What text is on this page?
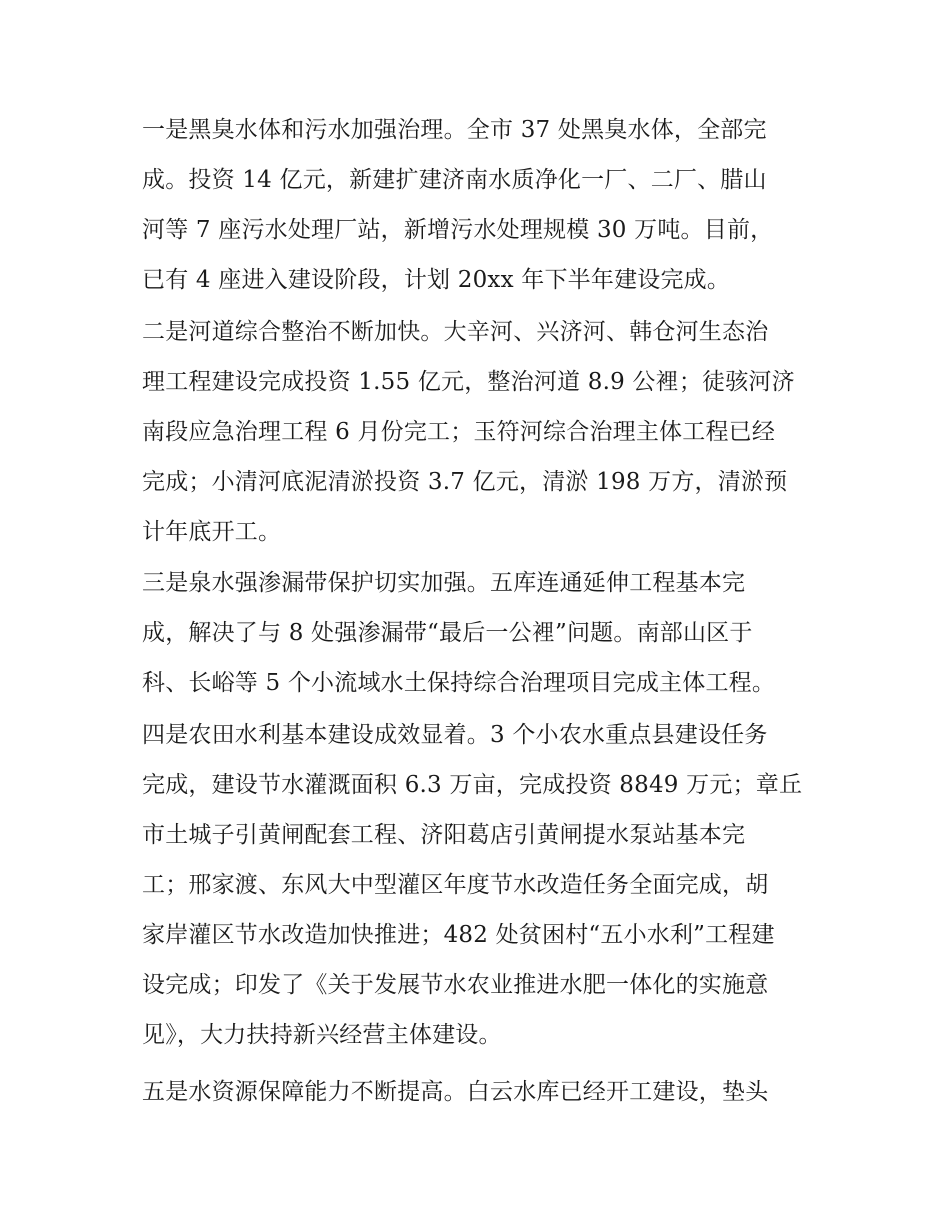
一是黑臭水体和污水加强治理。全市 37 处黑臭水体，全部完
成。投资 14 亿元，新建扩建济南水质净化一厂、二厂、腊山
河等 7 座污水处理厂站，新增污水处理规模 30 万吨。目前，
已有 4 座进入建设阶段，计划 20xx 年下半年建设完成。
二是河道综合整治不断加快。大辛河、兴济河、韩仓河生态治
理工程建设完成投资 1.55 亿元，整治河道 8.9 公裡；徒骇河济
南段应急治理工程 6 月份完工；玉符河综合治理主体工程已经
完成；小清河底泥清淤投资 3.7 亿元，清淤 198 万方，清淤预
计年底开工。
三是泉水强渗漏带保护切实加强。五库连通延伸工程基本完
成，解决了与 8 处强渗漏带“最后一公裡”问题。南部山区于
科、长峪等 5 个小流域水土保持综合治理项目完成主体工程。
四是农田水利基本建设成效显着。3 个小农水重点县建设任务
完成，建设节水灌溉面积 6.3 万亩，完成投资 8849 万元；章丘
市土城子引黄闸配套工程、济阳葛店引黄闸提水泵站基本完
工；邢家渡、东风大中型灌区年度节水改造任务全面完成，胡
家岸灌区节水改造加快推进；482 处贫困村“五小水利”工程建
设完成；印发了《关于发展节水农业推进水肥一体化的实施意
见》，大力扶持新兴经营主体建设。
五是水资源保障能力不断提高。白云水库已经开工建设，垫头
